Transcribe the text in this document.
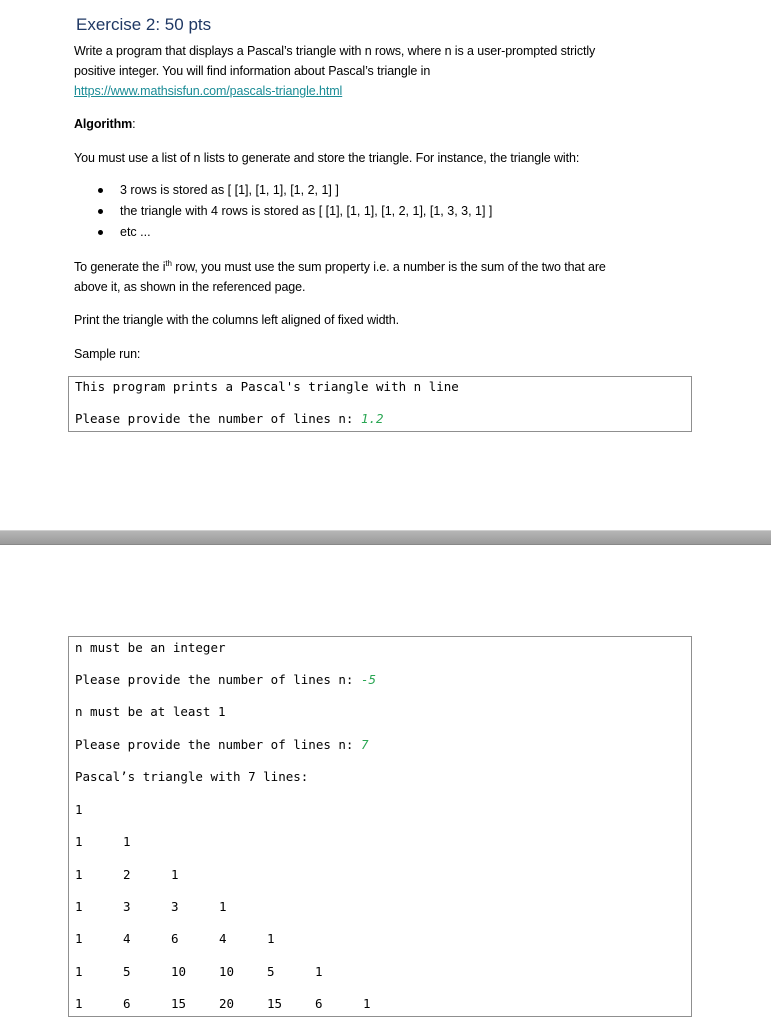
Exercise 2: 50 pts

Write a program that displays a Pascal’s triangle with n rows, where n is a user-prompted strictly
positive integer. You will find information about Pascal’s triangle in
https://www.mathsisfun.com/pascals-triangle.html

Algorithm:

You must use a list of n lists to generate and store the triangle. For instance, the triangle with:

3 rows is stored as [ [1], [1, 1], [1, 2, 1] ]
the triangle with 4 rows is stored as [ [1], [1, 1], [1, 2, 1], [1, 3, 3, 1] ]
etc ...

To generate the $i^{th}$ row, you must use the sum property i.e. a number is the sum of the two that are
above it, as shown in the referenced page.

Print the triangle with the columns left aligned of fixed width.

Sample run:

This program prints a Pascal's triangle with n line
Please provide the number of lines n: 1.2
n must be an integer
Please provide the number of lines n: -5
n must be at least 1
Please provide the number of lines n: 7
Pascal’s triangle with 7 lines:
1
1	1
1	2	1
1	3	3	1
1	4	6	4	1
1	5	10	10	5	1
1	6	15	20	15	6	1
